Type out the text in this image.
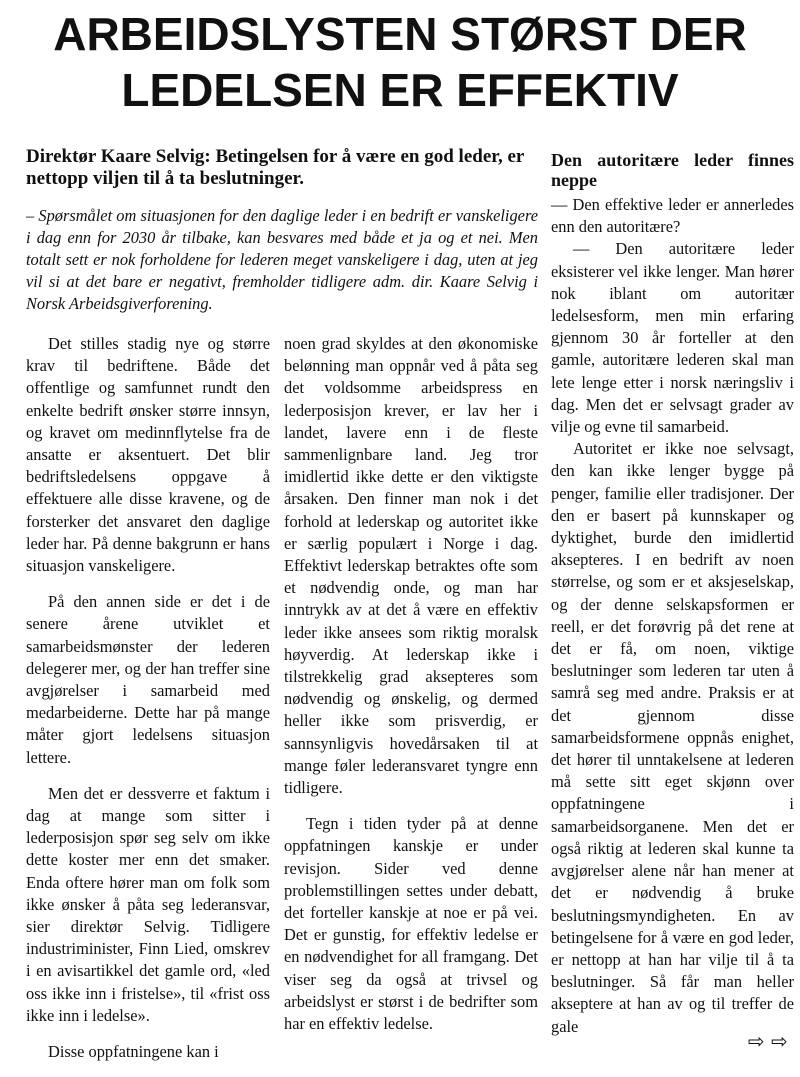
ARBEIDSLYSTEN STØRST DER
LEDELSEN ER EFFEKTIV
Direktør Kaare Selvig: Betingelsen for å være en god leder, er nettopp viljen til å ta beslutninger.
– Spørsmålet om situasjonen for den daglige leder i en bedrift er vanskeligere i dag enn for 2030 år tilbake, kan besvares med både et ja og et nei. Men totalt sett er nok forholdene for lederen meget vanskeligere i dag, uten at jeg vil si at det bare er negativt, fremholder tidligere adm. dir. Kaare Selvig i Norsk Arbeidsgiverforening.

Det stilles stadig nye og større krav til bedriftene. Både det offentlige og samfunnet rundt den enkelte bedrift ønsker større innsyn, og kravet om medinnflytelse fra de ansatte er aksentuert. Det blir bedriftsledelsens oppgave å effektuere alle disse kravene, og de forsterker det ansvaret den daglige leder har. På denne bakgrunn er hans situasjon vanskeligere.

På den annen side er det i de senere årene utviklet et samarbeidsmønster der lederen delegerer mer, og der han treffer sine avgjørelser i samarbeid med medarbeiderne. Dette har på mange måter gjort ledelsens situasjon lettere.

Men det er dessverre et faktum i dag at mange som sitter i lederposisjon spør seg selv om ikke dette koster mer enn det smaker. Enda oftere hører man om folk som ikke ønsker å påta seg lederansvar, sier direktør Selvig. Tidligere industriminister, Finn Lied, omskrev i en avisartikkel det gamle ord, «led oss ikke inn i fristelse», til «frist oss ikke inn i ledelse».

Disse oppfatningene kan i

noen grad skyldes at den økonomiske belønning man oppnår ved å påta seg det voldsomme arbeidspress en lederposisjon krever, er lav her i landet, lavere enn i de fleste sammenlignbare land. Jeg tror imidlertid ikke dette er den viktigste årsaken. Den finner man nok i det forhold at lederskap og autoritet ikke er særlig populært i Norge i dag. Effektivt lederskap betraktes ofte som et nødvendig onde, og man har inntrykk av at det å være en effektiv leder ikke ansees som riktig moralsk høyverdig. At lederskap ikke i tilstrekkelig grad aksepteres som nødvendig og ønskelig, og dermed heller ikke som prisverdig, er sannsynligvis hovedårsaken til at mange føler lederansvaret tyngre enn tidligere.

Tegn i tiden tyder på at denne oppfatningen kanskje er under revisjon. Sider ved denne problemstillingen settes under debatt, det forteller kanskje at noe er på vei. Det er gunstig, for effektiv ledelse er en nødvendighet for all framgang. Det viser seg da også at trivsel og arbeidslyst er størst i de bedrifter som har en effektiv ledelse.

Den autoritære leder finnes neppe

— Den effektive leder er annerledes enn den autoritære?

— Den autoritære leder eksisterer vel ikke lenger. Man hører nok iblant om autoritær ledelsesform, men min erfaring gjennom 30 år forteller at den gamle, autoritære lederen skal man lete lenge etter i norsk næringsliv i dag. Men det er selvsagt grader av vilje og evne til samarbeid.

Autoritet er ikke noe selvsagt, den kan ikke lenger bygge på penger, familie eller tradisjoner. Der den er basert på kunnskaper og dyktighet, burde den imidlertid aksepteres. I en bedrift av noen størrelse, og som er et aksjeselskap, og der denne selskapsformen er reell, er det forøvrig på det rene at det er få, om noen, viktige beslutninger som lederen tar uten å samrå seg med andre. Praksis er at det gjennom disse samarbeidsformene oppnås enighet, det hører til unntakelsene at lederen må sette sitt eget skjønn over oppfatningene i samarbeidsorganene. Men det er også riktig at lederen skal kunne ta avgjørelser alene når han mener at det er nødvendig å bruke beslutningsmyndigheten. En av betingelsene for å være en god leder, er nettopp at han har vilje til å ta beslutninger. Så får man heller akseptere at han av og til treffer de gale

⇨ ⇨
